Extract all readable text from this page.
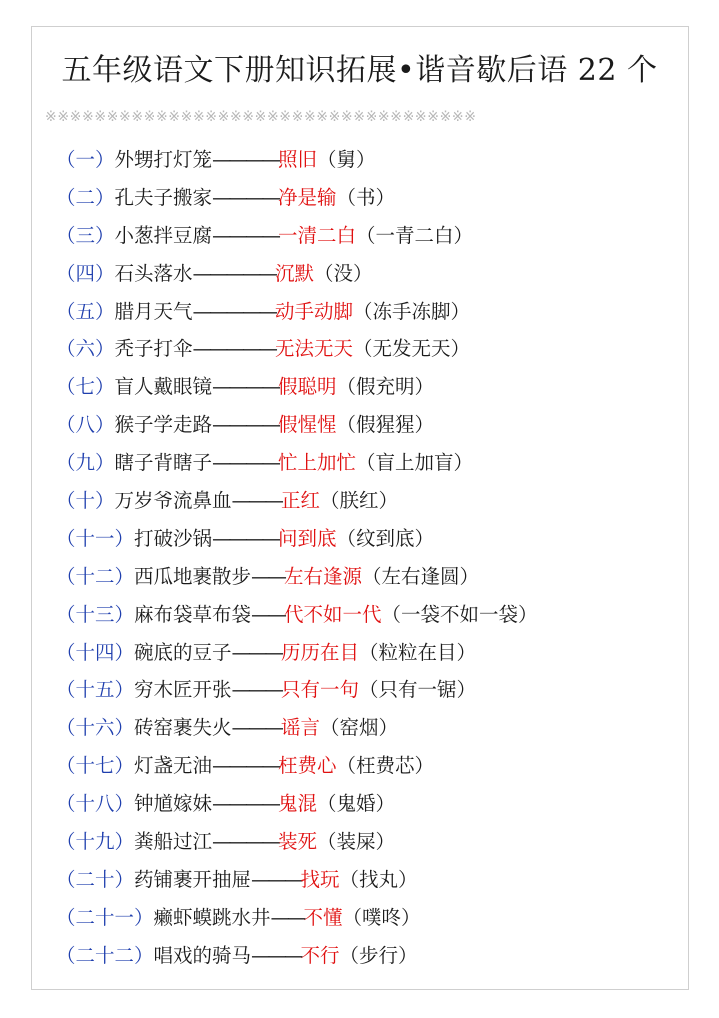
五年级语文下册知识拓展•谐音歇后语 22 个
※※※※※※※※※※※※※※※※※※※※※※※※※※※※※※※※※※※
（一）外甥打灯笼————照旧（舅）
（二）孔夫子搬家————净是输（书）
（三）小葱拌豆腐————一清二白（一青二白）
（四）石头落水—————沉默（没）
（五）腊月天气—————动手动脚（冻手冻脚）
（六）秃子打伞—————无法无天（无发无天）
（七）盲人戴眼镜————假聪明（假充明）
（八）猴子学走路————假惺惺（假猩猩）
（九）瞎子背瞎子————忙上加忙（盲上加盲）
（十）万岁爷流鼻血———正红（朕红）
（十一）打破沙锅————问到底（纹到底）
（十二）西瓜地裹散步——左右逢源（左右逢圆）
（十三）麻布袋草布袋——代不如一代（一袋不如一袋）
（十四）碗底的豆子———历历在目（粒粒在目）
（十五）穷木匠开张———只有一句（只有一锯）
（十六）砖窑裹失火———谣言（窑烟）
（十七）灯盏无油————枉费心（枉费芯）
（十八）钟馗嫁妹————鬼混（鬼婚）
（十九）粪船过江————装死（装屎）
（二十）药铺裹开抽屉———找玩（找丸）
（二十一）癞虾蟆跳水井——不懂（噗咚）
（二十二）唱戏的骑马———不行（步行）
